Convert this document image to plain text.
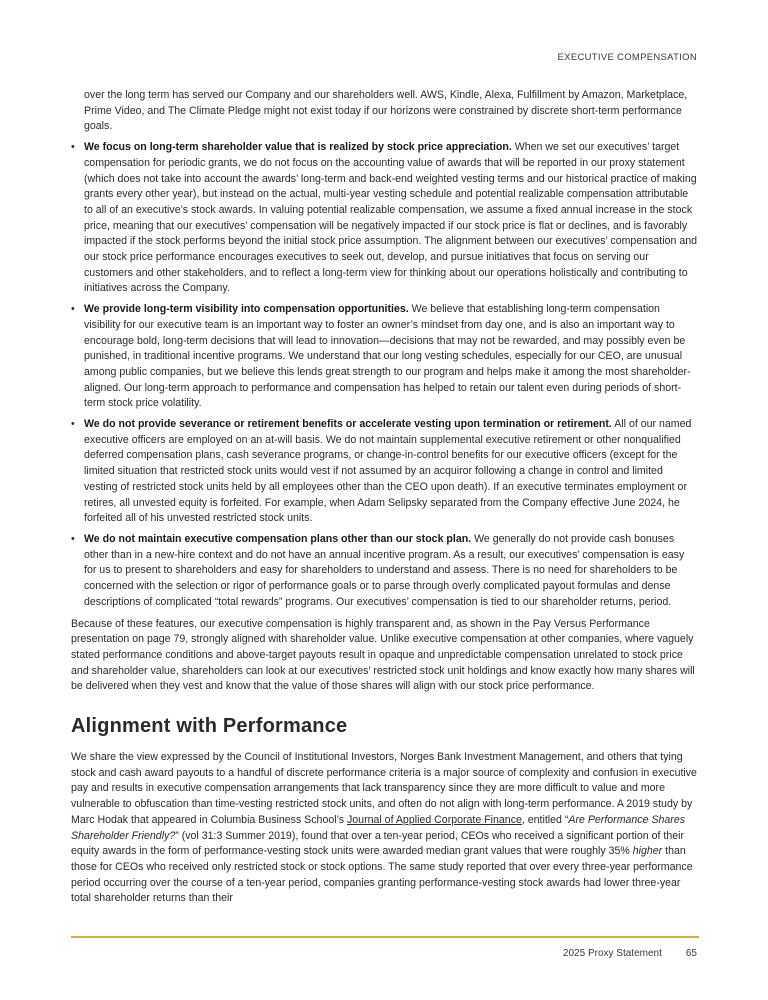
EXECUTIVE COMPENSATION

over the long term has served our Company and our shareholders well. AWS, Kindle, Alexa, Fulfillment by Amazon, Marketplace, Prime Video, and The Climate Pledge might not exist today if our horizons were constrained by discrete short-term performance goals.

• We focus on long-term shareholder value that is realized by stock price appreciation. When we set our executives’ target compensation for periodic grants, we do not focus on the accounting value of awards that will be reported in our proxy statement (which does not take into account the awards’ long-term and back-end weighted vesting terms and our historical practice of making grants every other year), but instead on the actual, multi-year vesting schedule and potential realizable compensation attributable to all of an executive’s stock awards. In valuing potential realizable compensation, we assume a fixed annual increase in the stock price, meaning that our executives’ compensation will be negatively impacted if our stock price is flat or declines, and is favorably impacted if the stock performs beyond the initial stock price assumption. The alignment between our executives’ compensation and our stock price performance encourages executives to seek out, develop, and pursue initiatives that focus on serving our customers and other stakeholders, and to reflect a long-term view for thinking about our operations holistically and contributing to initiatives across the Company.
• We provide long-term visibility into compensation opportunities. We believe that establishing long-term compensation visibility for our executive team is an important way to foster an owner’s mindset from day one, and is also an important way to encourage bold, long-term decisions that will lead to innovation—decisions that may not be rewarded, and may possibly even be punished, in traditional incentive programs. We understand that our long vesting schedules, especially for our CEO, are unusual among public companies, but we believe this lends great strength to our program and helps make it among the most shareholder-aligned. Our long-term approach to performance and compensation has helped to retain our talent even during periods of short-term stock price volatility.
• We do not provide severance or retirement benefits or accelerate vesting upon termination or retirement. All of our named executive officers are employed on an at-will basis. We do not maintain supplemental executive retirement or other nonqualified deferred compensation plans, cash severance programs, or change-in-control benefits for our executive officers (except for the limited situation that restricted stock units would vest if not assumed by an acquiror following a change in control and limited vesting of restricted stock units held by all employees other than the CEO upon death). If an executive terminates employment or retires, all unvested equity is forfeited. For example, when Adam Selipsky separated from the Company effective June 2024, he forfeited all of his unvested restricted stock units.
• We do not maintain executive compensation plans other than our stock plan. We generally do not provide cash bonuses other than in a new-hire context and do not have an annual incentive program. As a result, our executives’ compensation is easy for us to present to shareholders and easy for shareholders to understand and assess. There is no need for shareholders to be concerned with the selection or rigor of performance goals or to parse through overly complicated payout formulas and dense descriptions of complicated “total rewards” programs. Our executives’ compensation is tied to our shareholder returns, period.

Because of these features, our executive compensation is highly transparent and, as shown in the Pay Versus Performance presentation on page 79, strongly aligned with shareholder value. Unlike executive compensation at other companies, where vaguely stated performance conditions and above-target payouts result in opaque and unpredictable compensation unrelated to stock price and shareholder value, shareholders can look at our executives’ restricted stock unit holdings and know exactly how many shares will be delivered when they vest and know that the value of those shares will align with our stock price performance.

Alignment with Performance

We share the view expressed by the Council of Institutional Investors, Norges Bank Investment Management, and others that tying stock and cash award payouts to a handful of discrete performance criteria is a major source of complexity and confusion in executive pay and results in executive compensation arrangements that lack transparency since they are more difficult to value and more vulnerable to obfuscation than time-vesting restricted stock units, and often do not align with long-term performance. A 2019 study by Marc Hodak that appeared in Columbia Business School’s Journal of Applied Corporate Finance, entitled “Are Performance Shares Shareholder Friendly?” (vol 31:3 Summer 2019), found that over a ten-year period, CEOs who received a significant portion of their equity awards in the form of performance-vesting stock units were awarded median grant values that were roughly 35% higher than those for CEOs who received only restricted stock or stock options. The same study reported that over every three-year performance period occurring over the course of a ten-year period, companies granting performance-vesting stock awards had lower three-year total shareholder returns than their

2025 Proxy Statement 65
